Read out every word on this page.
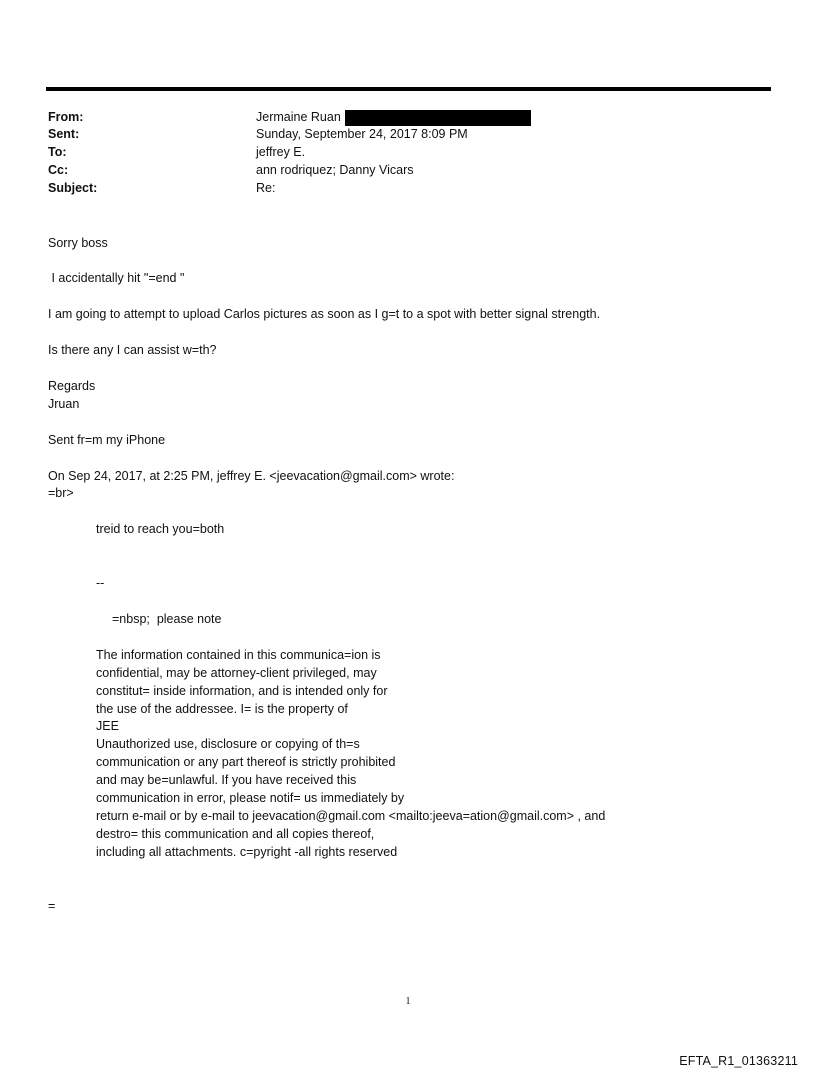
From:
Sent:
To:
Cc:
Subject:
Jermaine Ruan
Sunday, September 24, 2017 8:09 PM
jeffrey E.
ann rodriquez; Danny Vicars
Re:
Sorry boss
I accidentally hit "=end "
I am going to attempt to upload Carlos pictures as soon as I g=t to a spot with better signal strength.
Is there any I can assist w=th?
Regards
Jruan
Sent fr=m my iPhone
On Sep 24, 2017, at 2:25 PM, jeffrey E. <jeevacation@gmail.com> wrote:
=br>
treid to reach you=both
--
=nbsp;  please note
The information contained in this communica=ion is
confidential, may be attorney-client privileged, may
constitut= inside information, and is intended only for
the use of the addressee. I= is the property of
JEE
Unauthorized use, disclosure or copying of th=s
communication or any part thereof is strictly prohibited
and may be=unlawful. If you have received this
communication in error, please notif= us immediately by
return e-mail or by e-mail to jeevacation@gmail.com <mailto:jeeva=ation@gmail.com> , and
destro= this communication and all copies thereof,
including all attachments. c=pyright -all rights reserved
=
1
EFTA_R1_01363211
